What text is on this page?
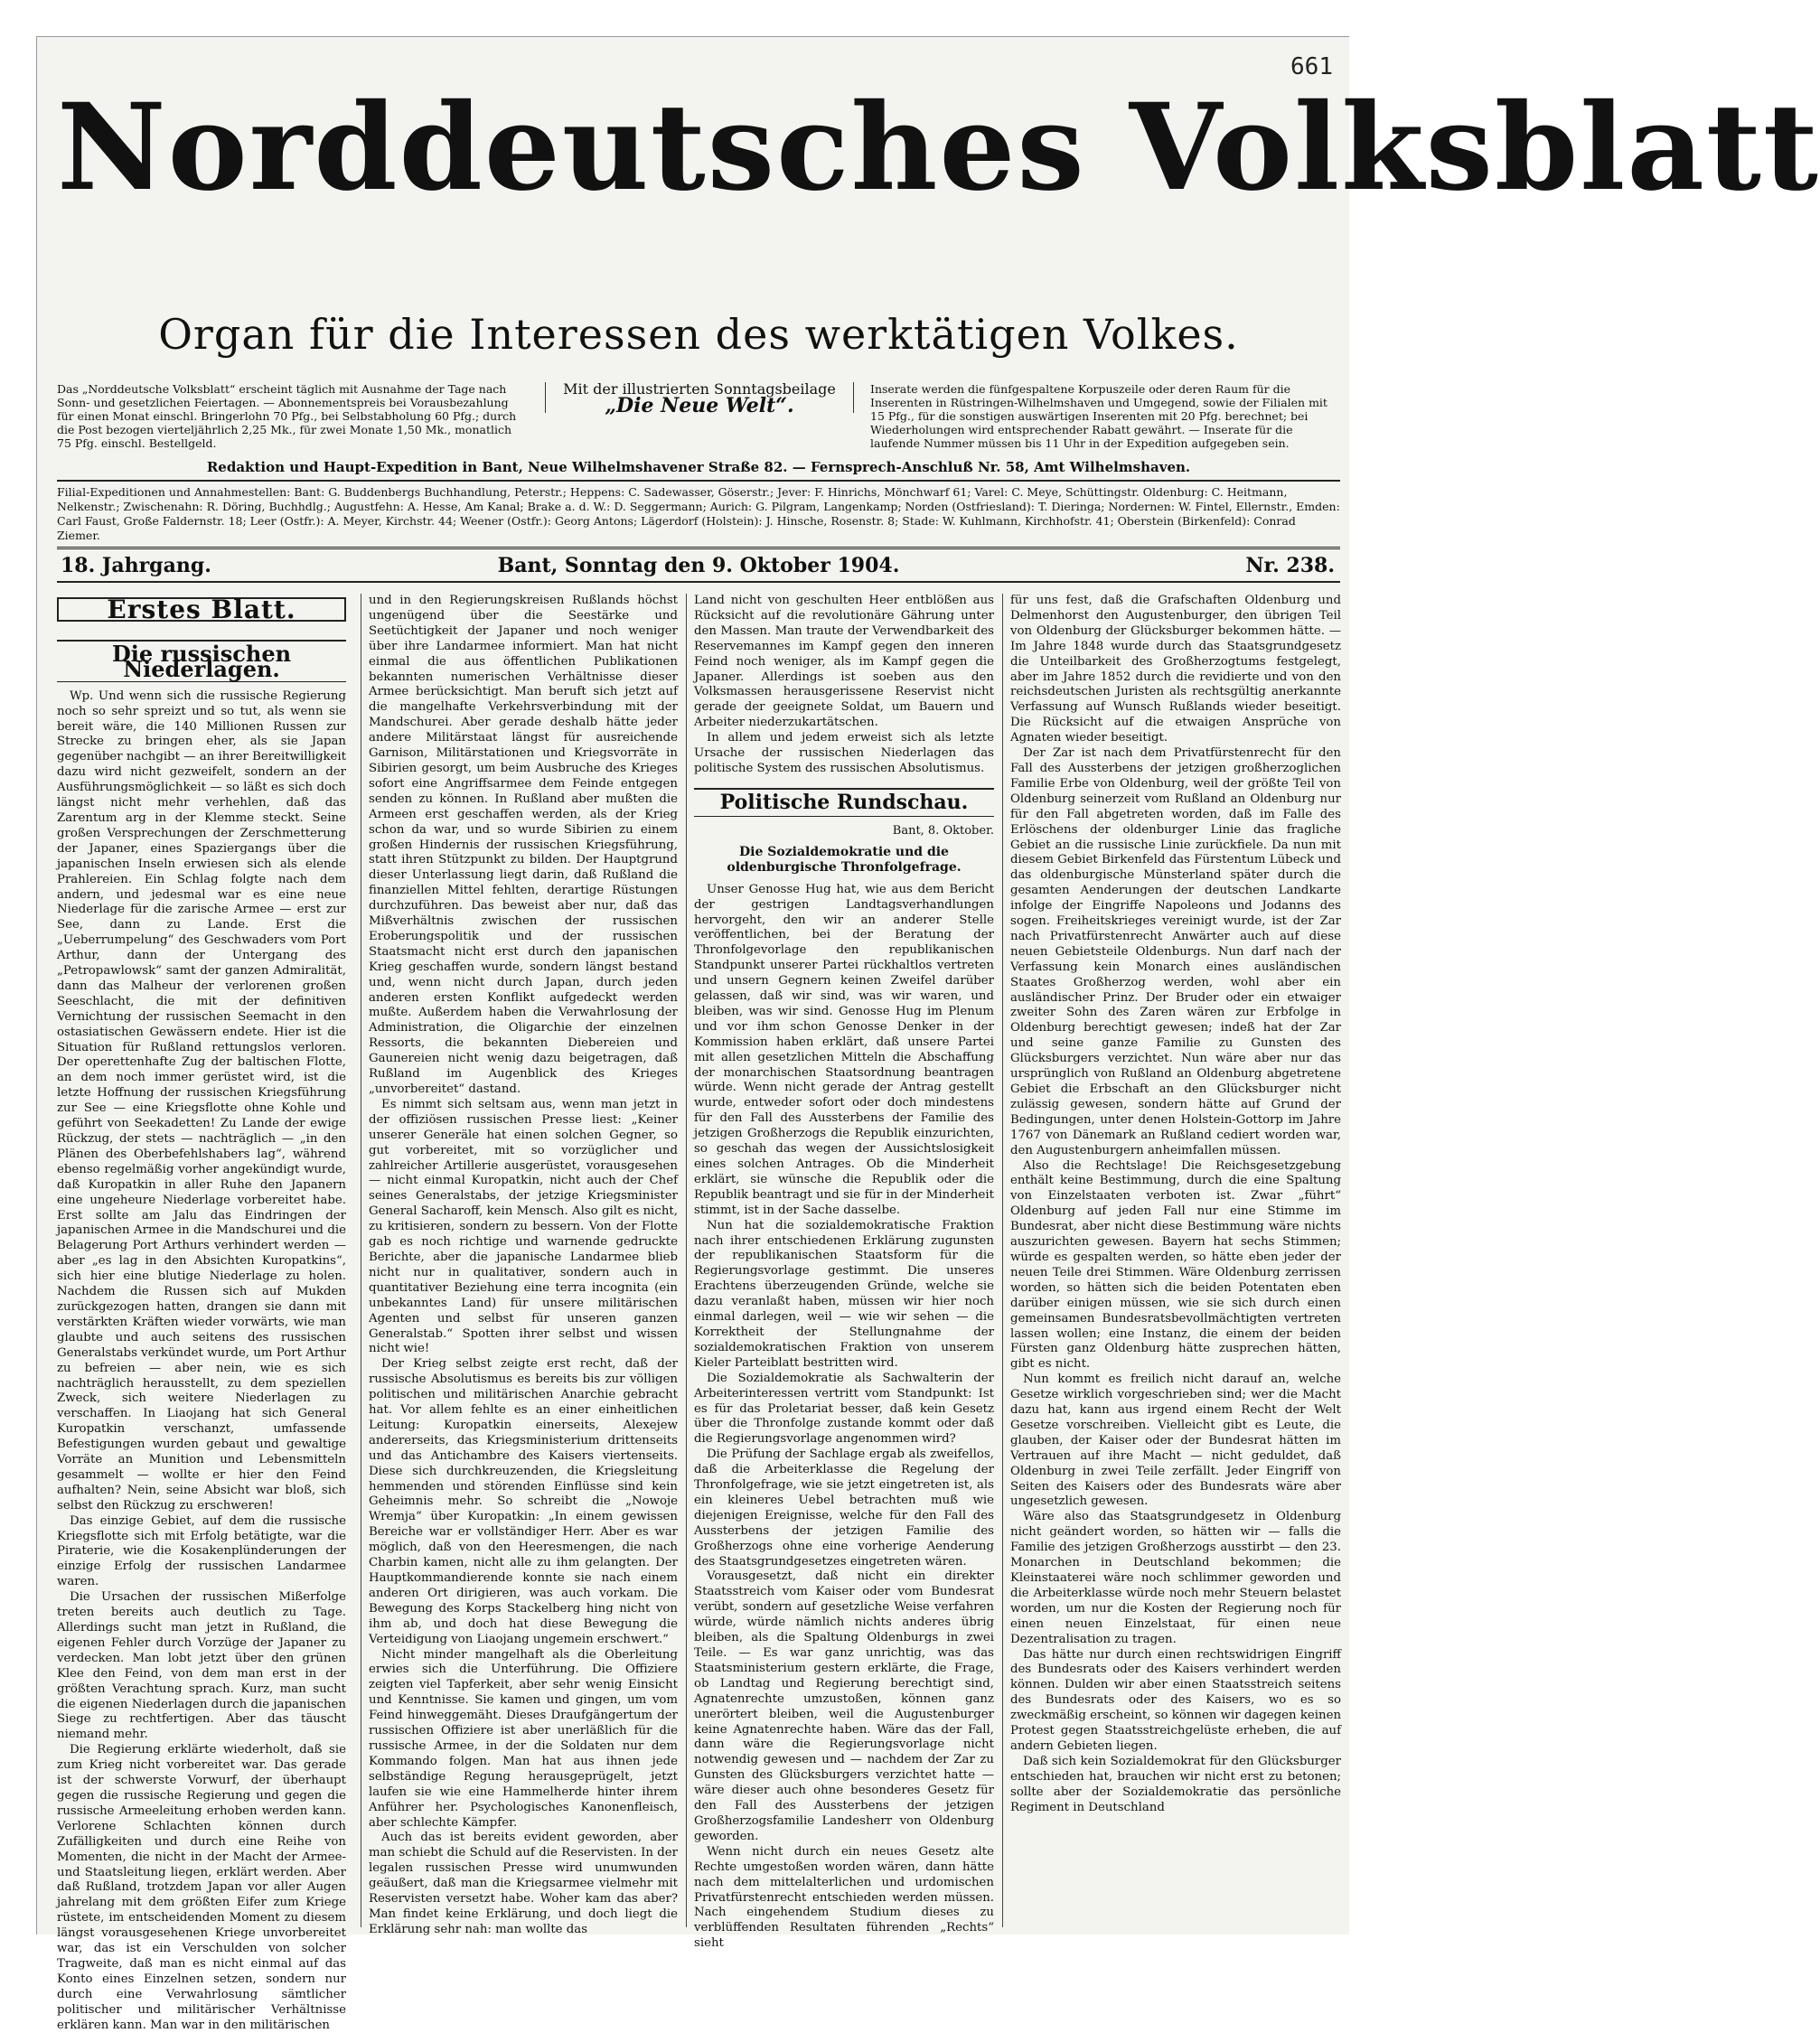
661
Norddeutsches Volksblatt
Organ für die Interessen des werktätigen Volkes.
Das „Norddeutsche Volksblatt“ erscheint täglich mit Ausnahme der Tage nach Sonn- und gesetzlichen Feiertagen. — Abonnementspreis bei Vorausbezahlung für einen Monat einschl. Bringerlohn 70 Pfg., bei Selbstabholung 60 Pfg.; durch die Post bezogen vierteljährlich 2,25 Mk., für zwei Monate 1,50 Mk., monatlich 75 Pfg. einschl. Bestellgeld.
Mit der illustrierten Sonntagsbeilage
„Die Neue Welt“.
Inserate werden die fünfgespaltene Korpuszeile oder deren Raum für die Inserenten in Rüstringen-Wilhelmshaven und Umgegend, sowie der Filialen mit 15 Pfg., für die sonstigen auswärtigen Inserenten mit 20 Pfg. berechnet; bei Wiederholungen wird entsprechender Rabatt gewährt. — Inserate für die laufende Nummer müssen bis 11 Uhr in der Expedition aufgegeben sein.
Redaktion und Haupt-Expedition in Bant, Neue Wilhelmshavener Straße 82. — Fernsprech-Anschluß Nr. 58, Amt Wilhelmshaven.
Filial-Expeditionen und Annahmestellen: Bant: G. Buddenbergs Buchhandlung, Peterstr.; Heppens: C. Sadewasser, Göserstr.; Jever: F. Hinrichs, Mönchwarf 61; Varel: C. Meye, Schüttingstr. Oldenburg: C. Heitmann, Nelkenstr.; Zwischenahn: R. Döring, Buchhdlg.; Augustfehn: A. Hesse, Am Kanal; Brake a. d. W.: D. Seggermann; Aurich: G. Pilgram, Langenkamp; Norden (Ostfriesland): T. Dieringa; Nordernen: W. Fintel, Ellernstr., Emden: Carl Faust, Große Faldernstr. 18; Leer (Ostfr.): A. Meyer, Kirchstr. 44; Weener (Ostfr.): Georg Antons; Lägerdorf (Holstein): J. Hinsche, Rosenstr. 8; Stade: W. Kuhlmann, Kirchhofstr. 41; Oberstein (Birkenfeld): Conrad Ziemer.
18. Jahrgang.	Bant, Sonntag den 9. Oktober 1904.	Nr. 238.
Erstes Blatt.
Die russischen Niederlagen.

Wp. Und wenn sich die russische Regierung noch so sehr spreizt und so tut, als wenn sie bereit wäre, die 140 Millionen Russen zur Strecke zu bringen eher, als sie Japan gegenüber nachgibt — an ihrer Bereitwilligkeit dazu wird nicht gezweifelt, sondern an der Ausführungsmöglichkeit — so läßt es sich doch längst nicht mehr verhehlen, daß das Zarentum arg in der Klemme steckt. Seine großen Versprechungen der Zerschmetterung der Japaner, eines Spaziergangs über die japanischen Inseln erwiesen sich als elende Prahlereien. Ein Schlag folgte nach dem andern, und jedesmal war es eine neue Niederlage für die zarische Armee — erst zur See, dann zu Lande. Erst die „Ueberrumpelung“ des Geschwaders vom Port Arthur, dann der Untergang des „Petropawlowsk“ samt der ganzen Admiralität, dann das Malheur der verlorenen großen Seeschlacht, die mit der definitiven Vernichtung der russischen Seemacht in den ostasiatischen Gewässern endete. Hier ist die Situation für Rußland rettungslos verloren. Der operettenhafte Zug der baltischen Flotte, an dem noch immer gerüstet wird, ist die letzte Hoffnung der russischen Kriegsführung zur See — eine Kriegsflotte ohne Kohle und geführt von Seekadetten! Zu Lande der ewige Rückzug, der stets — nachträglich — „in den Plänen des Oberbefehlshabers lag“, während ebenso regelmäßig vorher angekündigt wurde, daß Kuropatkin in aller Ruhe den Japanern eine ungeheure Niederlage vorbereitet habe. Erst sollte am Jalu das Eindringen der japanischen Armee in die Mandschurei und die Belagerung Port Arthurs verhindert werden — aber „es lag in den Absichten Kuropatkins“, sich hier eine blutige Niederlage zu holen. Nachdem die Russen sich auf Mukden zurückgezogen hatten, drangen sie dann mit verstärkten Kräften wieder vorwärts, wie man glaubte und auch seitens des russischen Generalstabs verkündet wurde, um Port Arthur zu befreien — aber nein, wie es sich nachträglich herausstellt, zu dem speziellen Zweck, sich weitere Niederlagen zu verschaffen. In Liaojang hat sich General Kuropatkin verschanzt, umfassende Befestigungen wurden gebaut und gewaltige Vorräte an Munition und Lebensmitteln gesammelt — wollte er hier den Feind aufhalten? Nein, seine Absicht war bloß, sich selbst den Rückzug zu erschweren!

Das einzige Gebiet, auf dem die russische Kriegsflotte sich mit Erfolg betätigte, war die Piraterie, wie die Kosakenplünderungen der einzige Erfolg der russischen Landarmee waren.

Die Ursachen der russischen Mißerfolge treten bereits auch deutlich zu Tage. Allerdings sucht man jetzt in Rußland, die eigenen Fehler durch Vorzüge der Japaner zu verdecken. Man lobt jetzt über den grünen Klee den Feind, von dem man erst in der größten Verachtung sprach. Kurz, man sucht die eigenen Niederlagen durch die japanischen Siege zu rechtfertigen. Aber das täuscht niemand mehr.

Die Regierung erklärte wiederholt, daß sie zum Krieg nicht vorbereitet war. Das gerade ist der schwerste Vorwurf, der überhaupt gegen die russische Regierung und gegen die russische Armeeleitung erhoben werden kann. Verlorene Schlachten können durch Zufälligkeiten und durch eine Reihe von Momenten, die nicht in der Macht der Armee- und Staatsleitung liegen, erklärt werden. Aber daß Rußland, trotzdem Japan vor aller Augen jahrelang mit dem größten Eifer zum Kriege rüstete, im entscheidenden Moment zu diesem längst vorausgesehenen Kriege unvorbereitet war, das ist ein Verschulden von solcher Tragweite, daß man es nicht einmal auf das Konto eines Einzelnen setzen, sondern nur durch eine Verwahrlosung sämtlicher politischer und militärischer Verhältnisse erklären kann. Man war in den militärischen

und in den Regierungskreisen Rußlands höchst ungenügend über die Seestärke und Seetüchtigkeit der Japaner und noch weniger über ihre Landarmee informiert. Man hat nicht einmal die aus öffentlichen Publikationen bekannten numerischen Verhältnisse dieser Armee berücksichtigt. Man beruft sich jetzt auf die mangelhafte Verkehrsverbindung mit der Mandschurei. Aber gerade deshalb hätte jeder andere Militärstaat längst für ausreichende Garnison, Militärstationen und Kriegsvorräte in Sibirien gesorgt, um beim Ausbruche des Krieges sofort eine Angriffsarmee dem Feinde entgegen senden zu können. In Rußland aber mußten die Armeen erst geschaffen werden, als der Krieg schon da war, und so wurde Sibirien zu einem großen Hindernis der russischen Kriegsführung, statt ihren Stützpunkt zu bilden. Der Hauptgrund dieser Unterlassung liegt darin, daß Rußland die finanziellen Mittel fehlten, derartige Rüstungen durchzuführen. Das beweist aber nur, daß das Mißverhältnis zwischen der russischen Eroberungspolitik und der russischen Staatsmacht nicht erst durch den japanischen Krieg geschaffen wurde, sondern längst bestand und, wenn nicht durch Japan, durch jeden anderen ersten Konflikt aufgedeckt werden mußte. Außerdem haben die Verwahrlosung der Administration, die Oligarchie der einzelnen Ressorts, die bekannten Diebereien und Gaunereien nicht wenig dazu beigetragen, daß Rußland im Augenblick des Krieges „unvorbereitet“ dastand.

Es nimmt sich seltsam aus, wenn man jetzt in der offiziösen russischen Presse liest: „Keiner unserer Generäle hat einen solchen Gegner, so gut vorbereitet, mit so vorzüglicher und zahlreicher Artillerie ausgerüstet, vorausgesehen — nicht einmal Kuropatkin, nicht auch der Chef seines Generalstabs, der jetzige Kriegsminister General Sacharoff, kein Mensch. Also gilt es nicht, zu kritisieren, sondern zu bessern. Von der Flotte gab es noch richtige und warnende gedruckte Berichte, aber die japanische Landarmee blieb nicht nur in qualitativer, sondern auch in quantitativer Beziehung eine terra incognita (ein unbekanntes Land) für unsere militärischen Agenten und selbst für unseren ganzen Generalstab.“ Spotten ihrer selbst und wissen nicht wie!

Der Krieg selbst zeigte erst recht, daß der russische Absolutismus es bereits bis zur völligen politischen und militärischen Anarchie gebracht hat. Vor allem fehlte es an einer einheitlichen Leitung: Kuropatkin einerseits, Alexejew andererseits, das Kriegsministerium drittenseits und das Antichambre des Kaisers viertenseits. Diese sich durchkreuzenden, die Kriegsleitung hemmenden und störenden Einflüsse sind kein Geheimnis mehr. So schreibt die „Nowoje Wremja“ über Kuropatkin: „In einem gewissen Bereiche war er vollständiger Herr. Aber es war möglich, daß von den Heeresmengen, die nach Charbin kamen, nicht alle zu ihm gelangten. Der Hauptkommandierende konnte sie nach einem anderen Ort dirigieren, was auch vorkam. Die Bewegung des Korps Stackelberg hing nicht von ihm ab, und doch hat diese Bewegung die Verteidigung von Liaojang ungemein erschwert.“

Nicht minder mangelhaft als die Oberleitung erwies sich die Unterführung. Die Offiziere zeigten viel Tapferkeit, aber sehr wenig Einsicht und Kenntnisse. Sie kamen und gingen, um vom Feind hinweggemäht. Dieses Draufgängertum der russischen Offiziere ist aber unerläßlich für die russische Armee, in der die Soldaten nur dem Kommando folgen. Man hat aus ihnen jede selbständige Regung herausgeprügelt, jetzt laufen sie wie eine Hammelherde hinter ihrem Anführer her. Psychologisches Kanonenfleisch, aber schlechte Kämpfer.

Auch das ist bereits evident geworden, aber man schiebt die Schuld auf die Reservisten. In der legalen russischen Presse wird unumwunden geäußert, daß man die Kriegsarmee vielmehr mit Reservisten versetzt habe. Woher kam das aber? Man findet keine Erklärung, und doch liegt die Erklärung sehr nah: man wollte das

Land nicht von geschulten Heer entblößen aus Rücksicht auf die revolutionäre Gährung unter den Massen. Man traute der Verwendbarkeit des Reservemannes im Kampf gegen den inneren Feind noch weniger, als im Kampf gegen die Japaner. Allerdings ist soeben aus den Volksmassen herausgerissene Reservist nicht gerade der geeignete Soldat, um Bauern und Arbeiter niederzukartätschen.

In allem und jedem erweist sich als letzte Ursache der russischen Niederlagen das politische System des russischen Absolutismus.

Politische Rundschau.
Bant, 8. Oktober.
Die Sozialdemokratie und die oldenburgische Thronfolgefrage.

Unser Genosse Hug hat, wie aus dem Bericht der gestrigen Landtagsverhandlungen hervorgeht, den wir an anderer Stelle veröffentlichen, bei der Beratung der Thronfolgevorlage den republikanischen Standpunkt unserer Partei rückhaltlos vertreten und unsern Gegnern keinen Zweifel darüber gelassen, daß wir sind, was wir waren, und bleiben, was wir sind. Genosse Hug im Plenum und vor ihm schon Genosse Denker in der Kommission haben erklärt, daß unsere Partei mit allen gesetzlichen Mitteln die Abschaffung der monarchischen Staatsordnung beantragen würde. Wenn nicht gerade der Antrag gestellt wurde, entweder sofort oder doch mindestens für den Fall des Aussterbens der Familie des jetzigen Großherzogs die Republik einzurichten, so geschah das wegen der Aussichtslosigkeit eines solchen Antrages. Ob die Minderheit erklärt, sie wünsche die Republik oder die Republik beantragt und sie für in der Minderheit stimmt, ist in der Sache dasselbe.

Nun hat die sozialdemokratische Fraktion nach ihrer entschiedenen Erklärung zugunsten der republikanischen Staatsform für die Regierungsvorlage gestimmt. Die unseres Erachtens überzeugenden Gründe, welche sie dazu veranlaßt haben, müssen wir hier noch einmal darlegen, weil — wie wir sehen — die Korrektheit der Stellungnahme der sozialdemokratischen Fraktion von unserem Kieler Parteiblatt bestritten wird.

Die Sozialdemokratie als Sachwalterin der Arbeiterinteressen vertritt vom Standpunkt: Ist es für das Proletariat besser, daß kein Gesetz über die Thronfolge zustande kommt oder daß die Regierungsvorlage angenommen wird?

Die Prüfung der Sachlage ergab als zweifellos, daß die Arbeiterklasse die Regelung der Thronfolgefrage, wie sie jetzt eingetreten ist, als ein kleineres Uebel betrachten muß wie diejenigen Ereignisse, welche für den Fall des Aussterbens der jetzigen Familie des Großherzogs ohne eine vorherige Aenderung des Staatsgrundgesetzes eingetreten wären.

Vorausgesetzt, daß nicht ein direkter Staatsstreich vom Kaiser oder vom Bundesrat verübt, sondern auf gesetzliche Weise verfahren würde, würde nämlich nichts anderes übrig bleiben, als die Spaltung Oldenburgs in zwei Teile. — Es war ganz unrichtig, was das Staatsministerium gestern erklärte, die Frage, ob Landtag und Regierung berechtigt sind, Agnatenrechte umzustoßen, können ganz unerörtert bleiben, weil die Augustenburger keine Agnatenrechte haben. Wäre das der Fall, dann wäre die Regierungsvorlage nicht notwendig gewesen und — nachdem der Zar zu Gunsten des Glücksburgers verzichtet hatte — wäre dieser auch ohne besonderes Gesetz für den Fall des Aussterbens der jetzigen Großherzogsfamilie Landesherr von Oldenburg geworden.

Wenn nicht durch ein neues Gesetz alte Rechte umgestoßen worden wären, dann hätte nach dem mittelalterlichen und urdomischen Privatfürstenrecht entschieden werden müssen. Nach eingehendem Studium dieses zu verblüffenden Resultaten führenden „Rechts“ sieht

für uns fest, daß die Grafschaften Oldenburg und Delmenhorst den Augustenburger, den übrigen Teil von Oldenburg der Glücksburger bekommen hätte. — Im Jahre 1848 wurde durch das Staatsgrundgesetz die Unteilbarkeit des Großherzogtums festgelegt, aber im Jahre 1852 durch die revidierte und von den reichsdeutschen Juristen als rechtsgültig anerkannte Verfassung auf Wunsch Rußlands wieder beseitigt. Die Rücksicht auf die etwaigen Ansprüche von Agnaten wieder beseitigt.

Der Zar ist nach dem Privatfürstenrecht für den Fall des Aussterbens der jetzigen großherzoglichen Familie Erbe von Oldenburg, weil der größte Teil von Oldenburg seinerzeit vom Rußland an Oldenburg nur für den Fall abgetreten worden, daß im Falle des Erlöschens der oldenburger Linie das fragliche Gebiet an die russische Linie zurückfiele. Da nun mit diesem Gebiet Birkenfeld das Fürstentum Lübeck und das oldenburgische Münsterland später durch die gesamten Aenderungen der deutschen Landkarte infolge der Eingriffe Napoleons und Jodanns des sogen. Freiheitskrieges vereinigt wurde, ist der Zar nach Privatfürstenrecht Anwärter auch auf diese neuen Gebietsteile Oldenburgs. Nun darf nach der Verfassung kein Monarch eines ausländischen Staates Großherzog werden, wohl aber ein ausländischer Prinz. Der Bruder oder ein etwaiger zweiter Sohn des Zaren wären zur Erbfolge in Oldenburg berechtigt gewesen; indeß hat der Zar und seine ganze Familie zu Gunsten des Glücksburgers verzichtet. Nun wäre aber nur das ursprünglich von Rußland an Oldenburg abgetretene Gebiet die Erbschaft an den Glücksburger nicht zulässig gewesen, sondern hätte auf Grund der Bedingungen, unter denen Holstein-Gottorp im Jahre 1767 von Dänemark an Rußland cediert worden war, den Augustenburgern anheimfallen müssen.

Also die Rechtslage! Die Reichsgesetzgebung enthält keine Bestimmung, durch die eine Spaltung von Einzelstaaten verboten ist. Zwar „führt“ Oldenburg auf jeden Fall nur eine Stimme im Bundesrat, aber nicht diese Bestimmung wäre nichts auszurichten gewesen. Bayern hat sechs Stimmen; würde es gespalten werden, so hätte eben jeder der neuen Teile drei Stimmen. Wäre Oldenburg zerrissen worden, so hätten sich die beiden Potentaten eben darüber einigen müssen, wie sie sich durch einen gemeinsamen Bundesratsbevollmächtigten vertreten lassen wollen; eine Instanz, die einem der beiden Fürsten ganz Oldenburg hätte zusprechen hätten, gibt es nicht.

Nun kommt es freilich nicht darauf an, welche Gesetze wirklich vorgeschrieben sind; wer die Macht dazu hat, kann aus irgend einem Recht der Welt Gesetze vorschreiben. Vielleicht gibt es Leute, die glauben, der Kaiser oder der Bundesrat hätten im Vertrauen auf ihre Macht — nicht geduldet, daß Oldenburg in zwei Teile zerfällt. Jeder Eingriff von Seiten des Kaisers oder des Bundesrats wäre aber ungesetzlich gewesen.

Wäre also das Staatsgrundgesetz in Oldenburg nicht geändert worden, so hätten wir — falls die Familie des jetzigen Großherzogs ausstirbt — den 23. Monarchen in Deutschland bekommen; die Kleinstaaterei wäre noch schlimmer geworden und die Arbeiterklasse würde noch mehr Steuern belastet worden, um nur die Kosten der Regierung noch für einen neuen Einzelstaat, für einen neue Dezentralisation zu tragen.

Das hätte nur durch einen rechtswidrigen Eingriff des Bundesrats oder des Kaisers verhindert werden können. Dulden wir aber einen Staatsstreich seitens des Bundesrats oder des Kaisers, wo es so zweckmäßig erscheint, so können wir dagegen keinen Protest gegen Staatsstreichgelüste erheben, die auf andern Gebieten liegen.

Daß sich kein Sozialdemokrat für den Glücksburger entschieden hat, brauchen wir nicht erst zu betonen; sollte aber der Sozialdemokratie das persönliche Regiment in Deutschland
